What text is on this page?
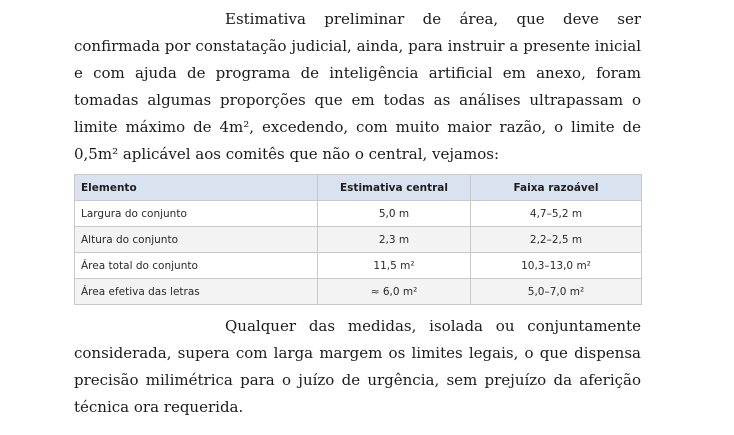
Estimativa preliminar de área, que deve ser confirmada por constatação judicial, ainda, para instruir a presente inicial e com ajuda de programa de inteligência artificial em anexo, foram tomadas algumas proporções que em todas as análises ultrapassam o limite máximo de 4m², excedendo, com muito maior razão, o limite de 0,5m² aplicável aos comitês que não o central, vejamos:

Elemento	Estimativa central	Faixa razoável
Largura do conjunto	5,0 m	4,7–5,2 m
Altura do conjunto	2,3 m	2,2–2,5 m
Área total do conjunto	11,5 m²	10,3–13,0 m²
Área efetiva das letras	≈ 6,0 m²	5,0–7,0 m²

Qualquer das medidas, isolada ou conjuntamente considerada, supera com larga margem os limites legais, o que dispensa precisão milimétrica para o juízo de urgência, sem prejuízo da aferição técnica ora requerida.
